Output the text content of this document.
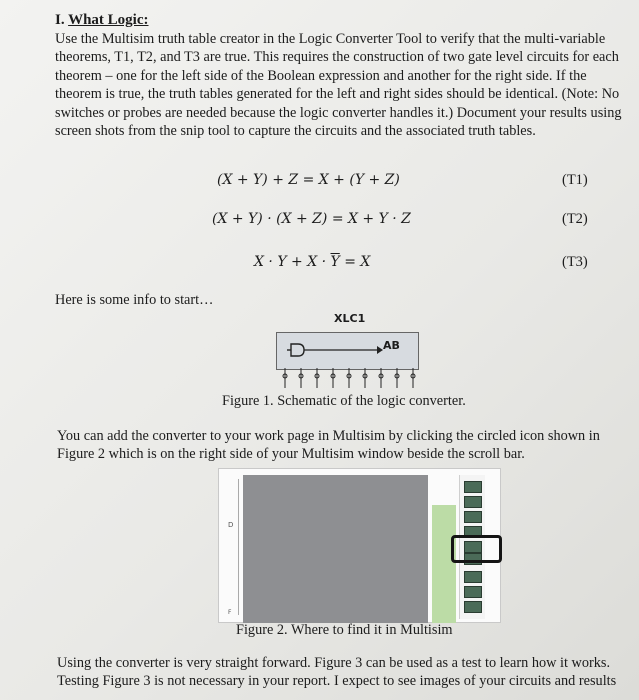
I. What Logic:
Use the Multisim truth table creator in the Logic Converter Tool to verify that the multi-variable theorems, T1, T2, and T3 are true. This requires the construction of two gate level circuits for each theorem – one for the left side of the Boolean expression and another for the right side. If the theorem is true, the truth tables generated for the left and right sides should be identical. (Note: No switches or probes are needed because the logic converter handles it.) Document your results using screen shots from the snip tool to capture the circuits and the associated truth tables.
(X + Y) + Z = X + (Y + Z)	(T1)
(X + Y) · (X + Z) = X + Y · Z	(T2)
$X \cdot Y + X \cdot \overline{Y} = X$	(T3)
Here is some info to start…
XLC1
AB
Figure 1. Schematic of the logic converter.
You can add the converter to your work page in Multisim by clicking the circled icon shown in
Figure 2 which is on the right side of your Multisim window beside the scroll bar.
D
F
Figure 2. Where to find it in Multisim
Using the converter is very straight forward. Figure 3 can be used as a test to learn how it works.
Testing Figure 3 is not necessary in your report. I expect to see images of your circuits and results
